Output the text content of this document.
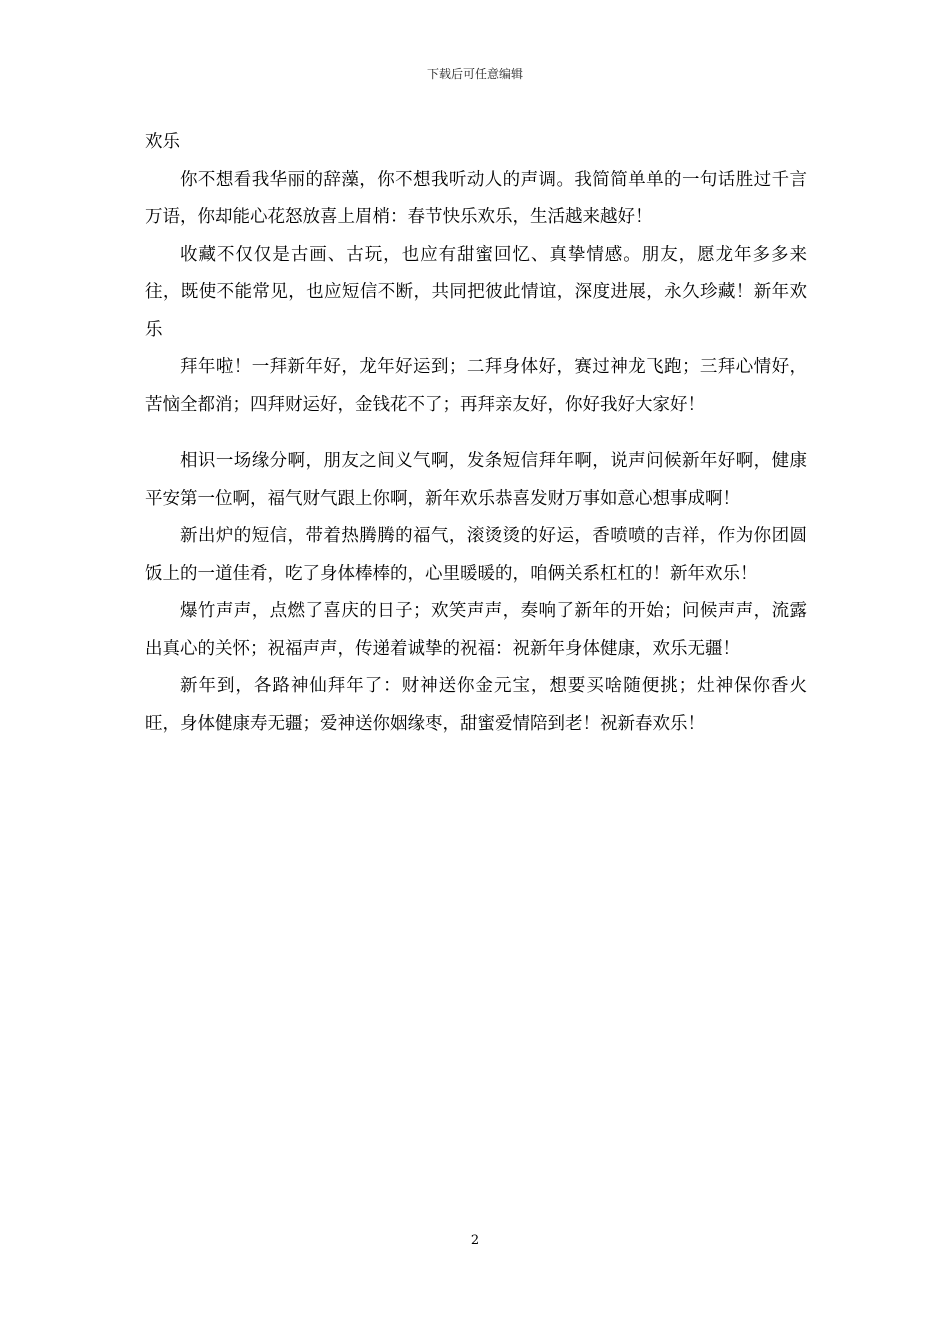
下载后可任意编辑

欢乐

你不想看我华丽的辞藻，你不想我听动人的声调。我简简单单的一句话胜过千言万语，你却能心花怒放喜上眉梢：春节快乐欢乐，生活越来越好！

收藏不仅仅是古画、古玩，也应有甜蜜回忆、真挚情感。朋友，愿龙年多多来往，既使不能常见，也应短信不断，共同把彼此情谊，深度进展，永久珍藏！新年欢乐

拜年啦！一拜新年好，龙年好运到；二拜身体好，赛过神龙飞跑；三拜心情好，苦恼全都消；四拜财运好，金钱花不了；再拜亲友好，你好我好大家好！

相识一场缘分啊，朋友之间义气啊，发条短信拜年啊，说声问候新年好啊，健康平安第一位啊，福气财气跟上你啊，新年欢乐恭喜发财万事如意心想事成啊！

新出炉的短信，带着热腾腾的福气，滚烫烫的好运，香喷喷的吉祥，作为你团圆饭上的一道佳肴，吃了身体棒棒的，心里暖暖的，咱俩关系杠杠的！新年欢乐！

爆竹声声，点燃了喜庆的日子；欢笑声声，奏响了新年的开始；问候声声，流露出真心的关怀；祝福声声，传递着诚挚的祝福：祝新年身体健康，欢乐无疆！

新年到，各路神仙拜年了：财神送你金元宝，想要买啥随便挑；灶神保你香火旺，身体健康寿无疆；爱神送你姻缘枣，甜蜜爱情陪到老！祝新春欢乐！

2
